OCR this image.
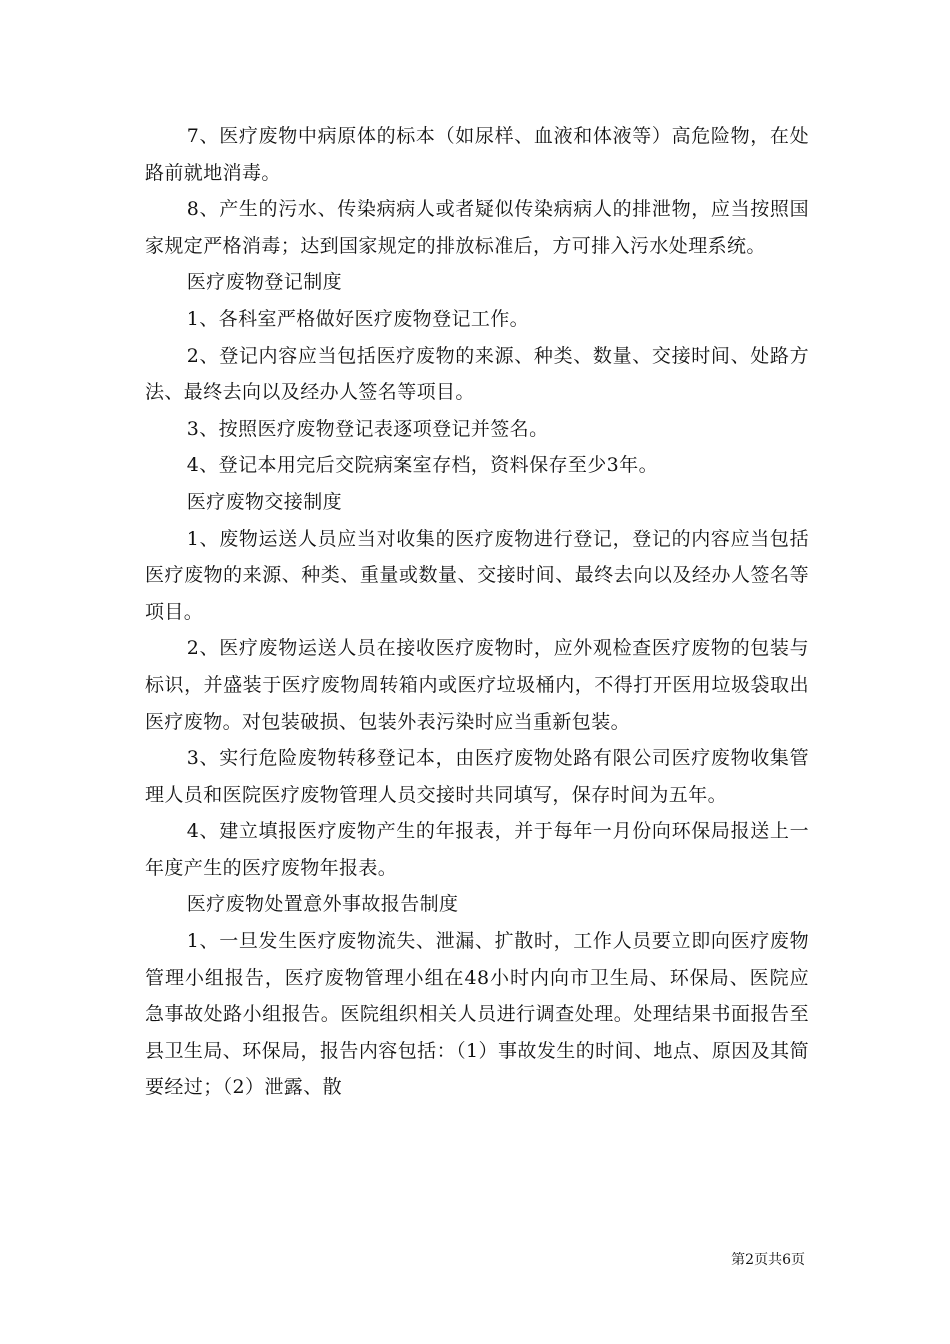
7、医疗废物中病原体的标本（如尿样、血液和体液等）高危险物，在处路前就地消毒。

8、产生的污水、传染病病人或者疑似传染病病人的排泄物，应当按照国家规定严格消毒；达到国家规定的排放标准后，方可排入污水处理系统。

医疗废物登记制度

1、各科室严格做好医疗废物登记工作。

2、登记内容应当包括医疗废物的来源、种类、数量、交接时间、处路方法、最终去向以及经办人签名等项目。

3、按照医疗废物登记表逐项登记并签名。

4、登记本用完后交院病案室存档，资料保存至少3年。

医疗废物交接制度

1、废物运送人员应当对收集的医疗废物进行登记，登记的内容应当包括医疗废物的来源、种类、重量或数量、交接时间、最终去向以及经办人签名等项目。

2、医疗废物运送人员在接收医疗废物时，应外观检查医疗废物的包装与标识，并盛装于医疗废物周转箱内或医疗垃圾桶内，不得打开医用垃圾袋取出医疗废物。对包装破损、包装外表污染时应当重新包装。

3、实行危险废物转移登记本，由医疗废物处路有限公司医疗废物收集管理人员和医院医疗废物管理人员交接时共同填写，保存时间为五年。

4、建立填报医疗废物产生的年报表，并于每年一月份向环保局报送上一年度产生的医疗废物年报表。

医疗废物处置意外事故报告制度

1、一旦发生医疗废物流失、泄漏、扩散时，工作人员要立即向医疗废物管理小组报告，医疗废物管理小组在48小时内向市卫生局、环保局、医院应急事故处路小组报告。医院组织相关人员进行调查处理。处理结果书面报告至县卫生局、环保局，报告内容包括：（1）事故发生的时间、地点、原因及其简要经过；（2）泄露、散

第2页共6页
